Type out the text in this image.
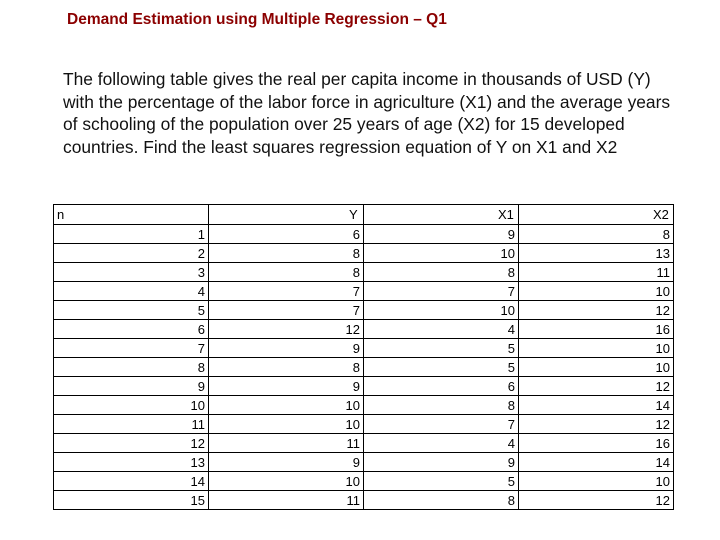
Demand Estimation using Multiple Regression – Q1
The following table gives the real per capita income in thousands of USD (Y) with the percentage of the labor force in agriculture (X1) and the average years of schooling of the population over 25 years of age (X2) for 15 developed countries. Find the least squares regression equation of Y on X1 and X2
n	Y	X1	X2
1	6	9	8
2	8	10	13
3	8	8	11
4	7	7	10
5	7	10	12
6	12	4	16
7	9	5	10
8	8	5	10
9	9	6	12
10	10	8	14
11	10	7	12
12	11	4	16
13	9	9	14
14	10	5	10
15	11	8	12
